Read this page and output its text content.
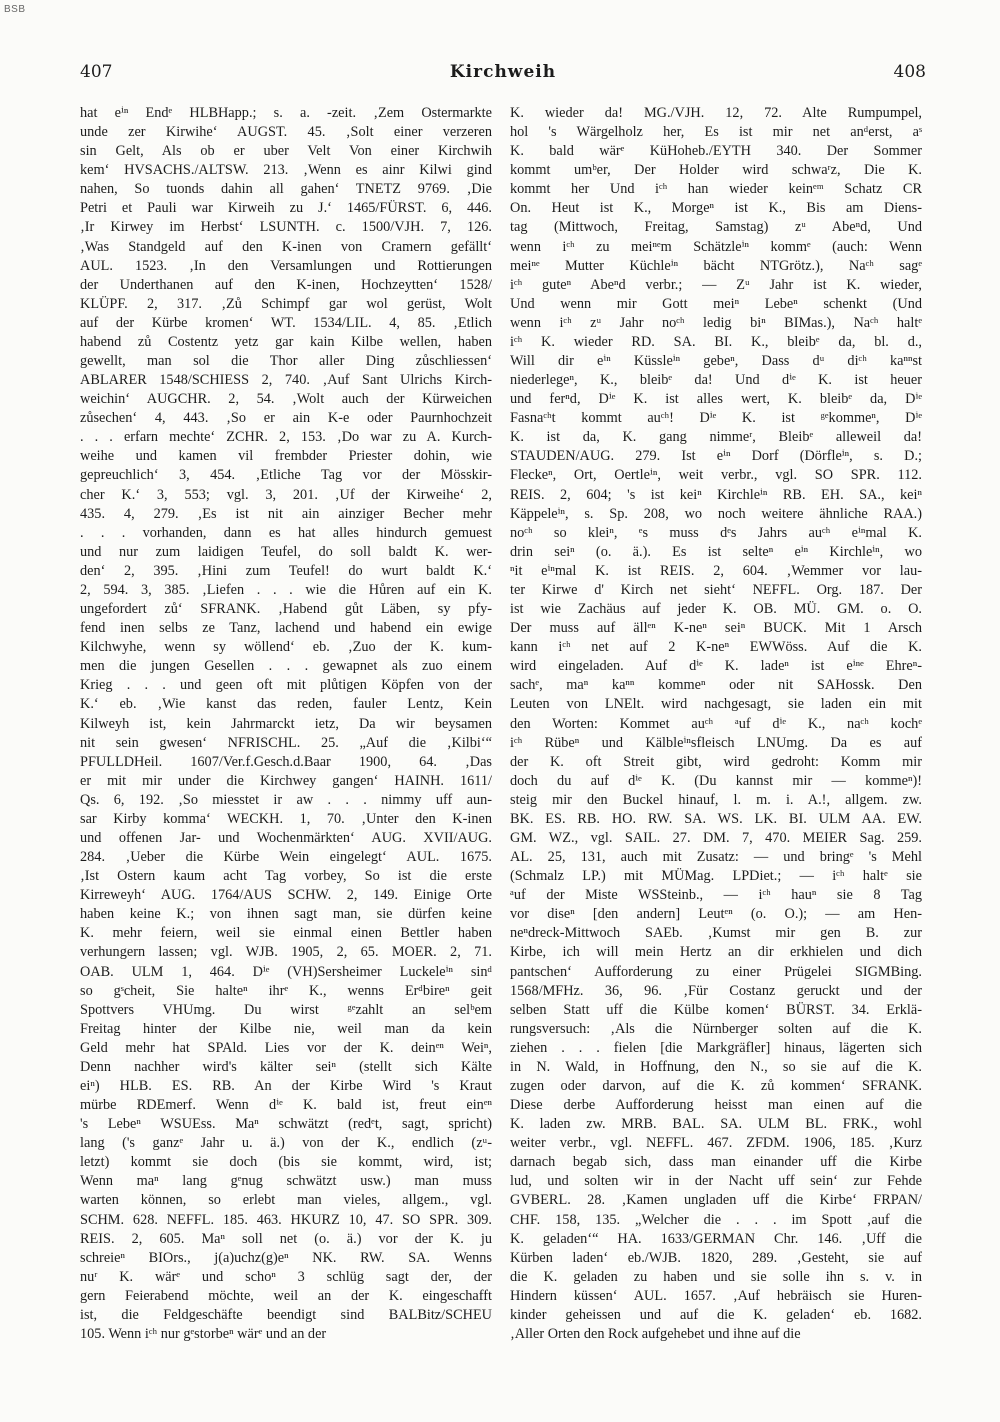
BSB
407	Kirchweih	408
hat eⁱⁿ Endᵉ HLBHapp.; s. a. -zeit. ‚Zem Ostermarkte
unde zer Kirwihe‘ AUGST. 45. ‚Solt einer verzeren
sin Gelt, Als ob er uber Velt Von einer Kirchwih
kem‘ HVSACHS./ALTSW. 213. ‚Wenn es ainr Kilwi gind
nahen, So tuonds dahin all gahen‘ TNETZ 9769. ‚Die
Petri et Pauli war Kirweih zu J.‘ 1465/FÜRST. 6, 446.
‚Ir Kirwey im Herbst‘ LSUNTH. c. 1500/VJH. 7, 126.
‚Was Standgeld auf den K-inen von Cramern gefällt‘
AUL. 1523. ‚In den Versamlungen und Rottierungen
der Underthanen auf den K-inen, Hochzeytten‘ 1528/
KLÜPF. 2, 317. ‚Zů Schimpf gar wol gerüst, Wolt
auf der Kürbe kromen‘ WT. 1534/LIL. 4, 85. ‚Etlich
habend zů Costentz yetz gar kain Kilbe wellen, haben
gewellt, man sol die Thor aller Ding zůschliessen‘
ABLARER 1548/SCHIESS 2, 740. ‚Auf Sant Ulrichs Kirch-
weichin‘ AUGCHR. 2, 54. ‚Wolt auch der Kürweichen
zůsechen‘ 4, 443. ‚So er ain K-e oder Paurnhochzeit
. . . erfarn mechte‘ ZCHR. 2, 153. ‚Do war zu A. Kurch-
weihe und kamen vil frembder Priester dohin, wie
gepreuchlich‘ 3, 454. ‚Etliche Tag vor der Mösskir-
cher K.‘ 3, 553; vgl. 3, 201. ‚Uf der Kirweihe‘ 2,
435. 4, 279. ‚Es ist nit ain ainziger Becher mehr
. . . vorhanden, dann es hat alles hindurch gemuest
und nur zum laidigen Teufel, do soll baldt K. wer-
den‘ 2, 395. ‚Hini zum Teufel! do wurt baldt K.‘
2, 594. 3, 385. ‚Liefen . . . wie die Hůren auf ein K.
ungefordert zů‘ SFRANK. ‚Habend gůt Läben, sy pfy-
fend inen selbs ze Tanz, lachend und habend ein ewige
Kilchwyhe, wenn sy wöllend‘ eb. ‚Zuo der K. kum-
men die jungen Gesellen . . . gewapnet als zuo einem
Krieg . . . und geen oft mit plůtigen Köpfen von der
K.‘ eb. ‚Wie kanst das reden, fauler Lentz, Kein
Kilweyh ist, kein Jahrmarckt ietz, Da wir beysamen
nit sein gwesen‘ NFRISCHL. 25. „Auf die ‚Kilbi‘“
PFULLDHeil. 1607/Ver.f.Gesch.d.Baar 1900, 64. ‚Das
er mit mir under die Kirchwey gangen‘ HAINH. 1611/
Qs. 6, 192. ‚So miesstet ir aw . . . nimmy uff aun-
sar Kirby komma‘ WECKH. 1, 70. ‚Unter den K-inen
und offenen Jar- und Wochenmärkten‘ AUG. XVII/AUG.
284. ‚Ueber die Kürbe Wein eingelegt‘ AUL. 1675.
‚Ist Ostern kaum acht Tag vorbey, So ist die erste
Kirreweyh‘ AUG. 1764/AUS SCHW. 2, 149. Einige Orte
haben keine K.; von ihnen sagt man, sie dürfen keine
K. mehr feiern, weil sie einmal einen Bettler haben
verhungern lassen; vgl. WJB. 1905, 2, 65. MOER. 2, 71.
OAB. ULM 1, 464. Dⁱᵉ (VH)Sersheimer Luckeleⁱⁿ sinᵈ
so gˢcheit, Sie halteⁿ ihrᵉ K., wenns Erᵈbireⁿ geit
Spottvers VHUmg. Du wirst ᵍᵉzahlt an selᵇem
Freitag hinter der Kilbe nie, weil man da kein
Geld mehr hat SPAld. Lies vor der K. deinᵉⁿ Weiⁿ,
Denn nachher wird's kälter seiⁿ (stellt sich Kälte
eiⁿ) HLB. ES. RB. An der Kirbe Wird 's Kraut
mürbe RDEmerf. Wenn dⁱᵉ K. bald ist, freut einᵉⁿ
's Lebeⁿ WSUEss. Maⁿ schwätzt (redᵉt, sagt, spricht)
lang ('s ganzᵉ Jahr u. ä.) von der K., endlich (zᵘ-
letzt) kommt sie doch (bis sie kommt, wird, ist;
Wenn maⁿ lang gᵉnug schwätzt usw.) man muss
warten können, so erlebt man vieles, allgem., vgl.
SCHM. 628. NEFFL. 185. 463. HKURZ 10, 47. SO SPR. 309.
REIS. 2, 605. Maⁿ soll net (o. ä.) vor der K. ju
schreieⁿ BIOrs., j(a)uchz(g)eⁿ NK. RW. SA. Wenns
nuʳ K. wärᵉ und schoⁿ 3 schlüg sagt der, der
gern Feierabend möchte, weil an der K. eingeschafft
ist, die Feldgeschäfte beendigt sind BALBitz/SCHEU
105. Wenn iᶜʰ nur gᵉstorbeⁿ wärᵉ und an der
K. wieder da! MG./VJH. 12, 72. Alte Rumpumpel,
hol 's Wärgelholz her, Es ist mir net anᵈerst, aˢ
K. bald wärᵉ KüHoheb./EYTH 340. Der Sommer
kommt umᵇer, Der Holder wird schwaʳz, Die K.
kommt her Und iᶜʰ han wieder keinᵉᵐ Schatz CR
On. Heut ist K., Morgeⁿ ist K., Bis am Diens-
tag (Mittwoch, Freitag, Samstag) zᵘ Abeⁿd, Und
wenn iᶜʰ zu meiⁿᵉm Schätzleⁱⁿ kommᵉ (auch: Wenn
meiⁿᵉ Mutter Küchleⁱⁿ bächt NTGrötz.), Naᶜʰ sagᵉ
iᶜʰ guteⁿ Abeⁿd verbr.; — Zᵘ Jahr ist K. wieder,
Und wenn mir Gott meiⁿ Lebeⁿ schenkt (Und
wenn iᶜʰ zᵘ Jahr noᶜʰ ledig biⁿ BIMas.), Naᶜʰ haltᵉ
iᶜʰ K. wieder RD. SA. BI. K., bleibᵉ da, bl. d.,
Will dir eⁱⁿ Küssleⁱⁿ gebeⁿ, Dass dᵘ diᶜʰ kaⁿⁿst
niederlegeⁿ, K., bleibᵉ da! Und dⁱᵉ K. ist heuer
und ferⁿd, Dⁱᵉ K. ist alles wert, K. bleibᵉ da, Dⁱᵉ
Fasnaᶜʰt kommt auᶜʰ! Dⁱᵉ K. ist ᵍᵉkommeⁿ, Dⁱᵉ
K. ist da, K. gang nimmeʳ, Bleibᵉ alleweil da!
STAUDEN/AUG. 279. Ist eⁱⁿ Dorf (Dörfleⁱⁿ, s. D.;
Fleckeⁿ, Ort, Oertleⁱⁿ, weit verbr., vgl. SO SPR. 112.
REIS. 2, 604; 's ist keiⁿ Kirchleⁱⁿ RB. EH. SA., keiⁿ
Käppeleⁱⁿ, s. Sp. 208, wo noch weitere ähnliche RAA.)
noᶜʰ so kleiⁿ, ᵉs muss dᵉs Jahrs auᶜʰ eⁱⁿmal K.
drin seiⁿ (o. ä.). Es ist selteⁿ eⁱⁿ Kirchleⁱⁿ, wo
ⁿit eⁱⁿmal K. ist REIS. 2, 604. ‚Wemmer vor lau-
ter Kirwe d' Kirch net sieht‘ NEFFL. Org. 187. Der
ist wie Zachäus auf jeder K. OB. MÜ. GM. o. O.
Der muss auf ällᵉⁿ K-neⁿ seiⁿ BUCK. Mit 1 Arsch
kann iᶜʰ net auf 2 K-neⁿ EWWöss. Auf die K.
wird eingeladen. Auf dⁱᵉ K. ladeⁿ ist eⁱⁿᵉ Ehreⁿ-
sachᵉ, maⁿ kaⁿⁿ kommeⁿ oder nit SAHossk. Den
Leuten von LNElt. wird nachgesagt, sie laden ein mit
den Worten: Kommet auᶜʰ ᵃuf dⁱᵉ K., naᶜʰ kochᵉ
iᶜʰ Rübeⁿ und Kälbleⁱⁿsfleisch LNUmg. Da es auf
der K. oft Streit gibt, wird gedroht: Komm mir
doch du auf dⁱᵉ K. (Du kannst mir — kommeⁿ)!
steig mir den Buckel hinauf, l. m. i. A.!, allgem. zw.
BK. ES. RB. HO. RW. SA. WS. LK. BI. ULM AA. EW.
GM. WZ., vgl. SAIL. 27. DM. 7, 470. MEIER Sag. 259.
AL. 25, 131, auch mit Zusatz: — und bringᵉ 's Mehl
(Schmalz LP.) mit MÜMag. LPDiet.; — iᶜʰ haltᵉ sie
ᵃuf der Miste WSSteinb., — iᶜʰ hauⁿ sie 8 Tag
vor diseⁿ [den andern] Leutᵉⁿ (o. O.); — am Hen-
neⁿdreck-Mittwoch SAEb. ‚Kumst mir gen B. zur
Kirbe, ich will mein Hertz an dir erkhielen und dich
pantschen‘ Aufforderung zu einer Prügelei SIGMBing.
1568/MFHz. 36, 96. ‚Für Costanz geruckt und der
selben Statt uff die Külbe komen‘ BÜRST. 34. Erklä-
rungsversuch: ‚Als die Nürnberger solten auf die K.
ziehen . . . fielen [die Markgräfler] hinaus, lägerten sich
in N. Wald, in Hoffnung, den N., so sie auf die K.
zugen oder darvon, auf die K. zů kommen‘ SFRANK.
Diese derbe Aufforderung heisst man einen auf die
K. laden zw. MRB. BAL. SA. ULM BL. FRK., wohl
weiter verbr., vgl. NEFFL. 467. ZFDM. 1906, 185. ‚Kurz
darnach begab sich, dass man einander uff die Kirbe
lud, und solten wir in der Nacht uff sein‘ zur Fehde
GVBERL. 28. ‚Kamen ungladen uff die Kirbe‘ FRPAN/
CHF. 158, 135. „Welcher die . . . im Spott ‚auf die
K. geladen‘“ HA. 1633/GERMAN Chr. 146. ‚Uff die
Kürben laden‘ eb./WJB. 1820, 289. ‚Gesteht, sie auf
die K. geladen zu haben und sie solle ihn s. v. in
Hindern küssen‘ AUL. 1657. ‚Auf hebräisch sie Huren-
kinder geheissen und auf die K. geladen‘ eb. 1682.
‚Aller Orten den Rock aufgehebet und ihne auf die
